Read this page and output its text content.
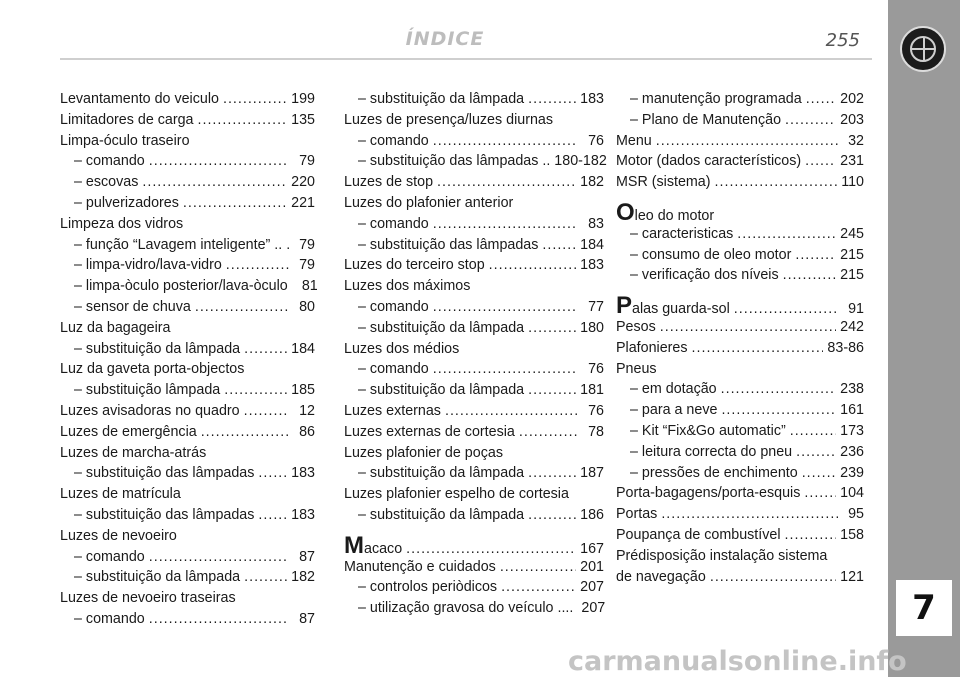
ÍNDICE	255
7
Levantamento do veiculo .....	199
Limitadores de carga .....	135
Limpa-óculo traseiro
– comando .....	79
– escovas .....	220
– pulverizadores .....	221
Limpeza dos vidros
– função “Lavagem inteligente” .. .....	79
– limpa-vidro/lava-vidro .....	79
– limpa-òculo posterior/lava-òculo 81
– sensor de chuva .....	80
Luz da bagageira
– substituição da lâmpada .....	184
Luz da gaveta porta-objectos
– substituição lâmpada .....	185
Luzes avisadoras no quadro .....	12
Luzes de emergência .....	86
Luzes de marcha-atrás
– substituição das lâmpadas .....	183
Luzes de matrícula
– substituição das lâmpadas .....	183
Luzes de nevoeiro
– comando .....	87
– substituição da lâmpada .....	182
Luzes de nevoeiro traseiras
– comando .....	87
– substituição da lâmpada .....	183
Luzes de presença/luzes diurnas
– comando .....	76
– substituição das lâmpadas .. 180-182
Luzes de stop .....	182
Luzes do plafonier anterior
– comando .....	83
– substituição das lâmpadas .....	184
Luzes do terceiro stop .....	183
Luzes dos máximos
– comando .....	77
– substituição da lâmpada .....	180
Luzes dos médios
– comando .....	76
– substituição da lâmpada .....	181
Luzes externas .....	76
Luzes externas de cortesia .....	78
Luzes plafonier de poças
– substituição da lâmpada .....	187
Luzes plafonier espelho de cortesia
– substituição da lâmpada .....	186
Macaco .....	167
Manutenção e cuidados .....	201
– controlos periòdicos .....	207
– utilização gravosa do veículo .... 207
– manutenção programada .....	202
– Plano de Manutenção .....	203
Menu .....	32
Motor (dados característicos) .....	231
MSR (sistema) .....	110
Oleo do motor
– caracteristicas .....	245
– consumo de oleo motor .....	215
– verificação dos níveis .....	215
Palas guarda-sol .....	91
Pesos .....	242
Plafonieres .....	83-86
Pneus
– em dotação .....	238
– para a neve .....	161
– Kit “Fix&Go automatic” .....	173
– leitura correcta do pneu .....	236
– pressões de enchimento .....	239
Porta-bagagens/porta-esquis .....	104
Portas .....	95
Poupança de combustível .....	158
Prédisposição instalação sistema
de navegação .....	121
carmanualsonline.info
